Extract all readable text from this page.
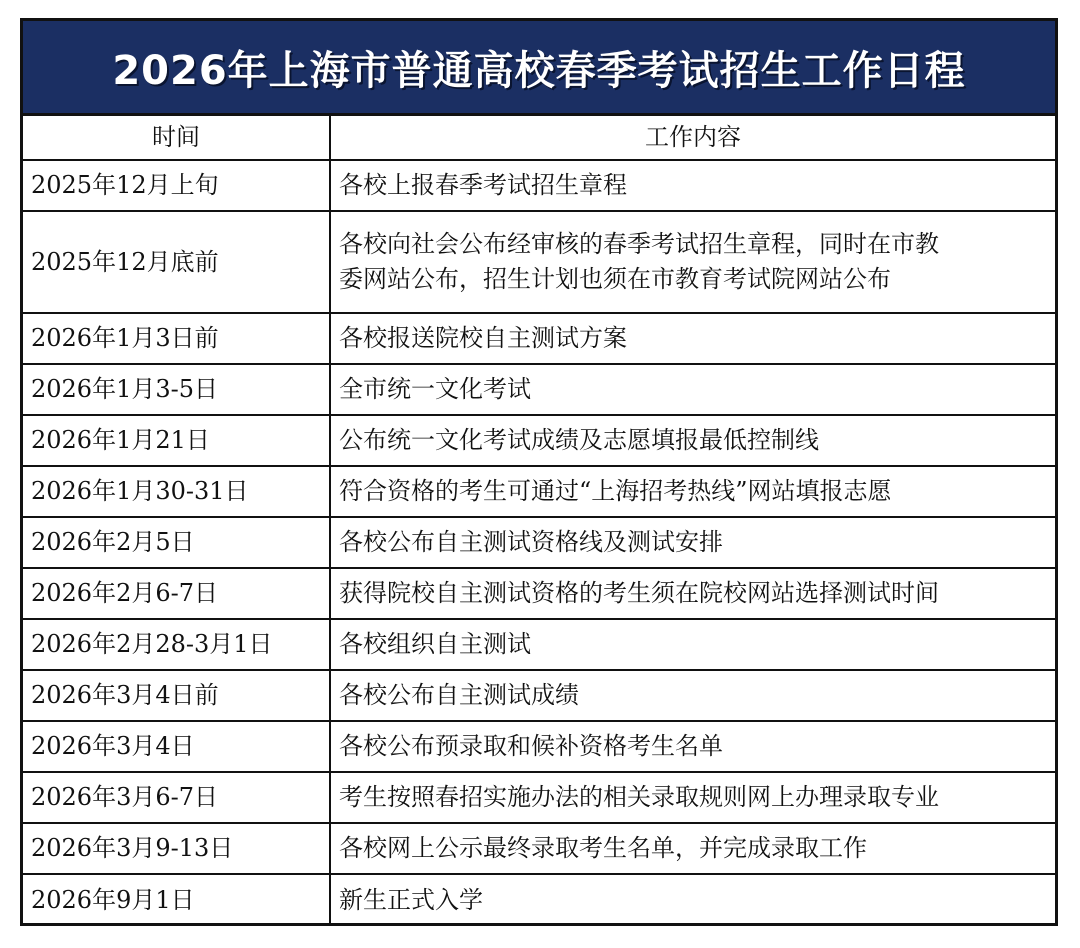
2026年上海市普通高校春季考试招生工作日程
时间	工作内容
2025年12月上旬	各校上报春季考试招生章程

2025年12月底前	各校向社会公布经审核的春季考试招生章程，同时在市教
委网站公布，招生计划也须在市教育考试院网站公布

2026年1月3日前	各校报送院校自主测试方案

2026年1月3-5日	全市统一文化考试

2026年1月21日	公布统一文化考试成绩及志愿填报最低控制线

2026年1月30-31日	符合资格的考生可通过“上海招考热线”网站填报志愿

2026年2月5日	各校公布自主测试资格线及测试安排

2026年2月6-7日	获得院校自主测试资格的考生须在院校网站选择测试时间

2026年2月28-3月1日	各校组织自主测试

2026年3月4日前	各校公布自主测试成绩

2026年3月4日	各校公布预录取和候补资格考生名单

2026年3月6-7日	考生按照春招实施办法的相关录取规则网上办理录取专业

2026年3月9-13日	各校网上公示最终录取考生名单，并完成录取工作

2026年9月1日	新生正式入学
